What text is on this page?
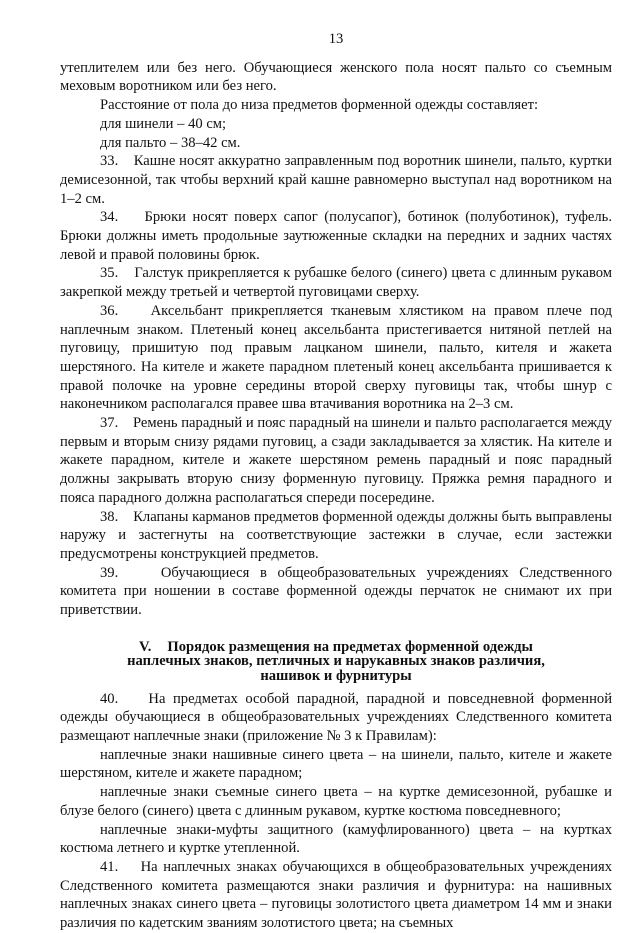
13

утеплителем или без него. Обучающиеся женского пола носят пальто со съемным меховым воротником или без него.

Расстояние от пола до низа предметов форменной одежды составляет:

для шинели – 40 см;

для пальто – 38–42 см.

33.    Кашне носят аккуратно заправленным под воротник шинели, пальто, куртки демисезонной, так чтобы верхний край кашне равномерно выступал над воротником на 1–2 см.

34.    Брюки носят поверх сапог (полусапог), ботинок (полуботинок), туфель. Брюки должны иметь продольные заутюженные складки на передних и задних частях левой и правой половины брюк.

35.    Галстук прикрепляется к рубашке белого (синего) цвета с длинным рукавом закрепкой между третьей и четвертой пуговицами сверху.

36.    Аксельбант прикрепляется тканевым хлястиком на правом плече под наплечным знаком. Плетеный конец аксельбанта пристегивается нитяной петлей на пуговицу, пришитую под правым лацканом шинели, пальто, кителя и жакета шерстяного. На кителе и жакете парадном плетеный конец аксельбанта пришивается к правой полочке на уровне середины второй сверху пуговицы так, чтобы шнур с наконечником располагался правее шва втачивания воротника на 2–3 см.

37.    Ремень парадный и пояс парадный на шинели и пальто располагается между первым и вторым снизу рядами пуговиц, а сзади закладывается за хлястик. На кителе и жакете парадном, кителе и жакете шерстяном ремень парадный и пояс парадный должны закрывать вторую снизу форменную пуговицу. Пряжка ремня парадного и пояса парадного должна располагаться спереди посередине.

38.    Клапаны карманов предметов форменной одежды должны быть выправлены наружу и застегнуты на соответствующие застежки в случае, если застежки предусмотрены конструкцией предметов.

39.    Обучающиеся в общеобразовательных учреждениях Следственного комитета при ношении в составе форменной одежды перчаток не снимают их при приветствии.

V. Порядок размещения на предметах форменной одежды
наплечных знаков, петличных и нарукавных знаков различия,
нашивок и фурнитуры

40.    На предметах особой парадной, парадной и повседневной форменной одежды обучающиеся в общеобразовательных учреждениях Следственного комитета размещают наплечные знаки (приложение № 3 к Правилам):

наплечные знаки нашивные синего цвета – на шинели, пальто, кителе и жакете шерстяном, кителе и жакете парадном;

наплечные знаки съемные синего цвета – на куртке демисезонной, рубашке и блузе белого (синего) цвета с длинным рукавом, куртке костюма повседневного;

наплечные знаки-муфты защитного (камуфлированного) цвета – на куртках костюма летнего и куртке утепленной.

41.    На наплечных знаках обучающихся в общеобразовательных учреждениях Следственного комитета размещаются знаки различия и фурнитура: на нашивных наплечных знаках синего цвета – пуговицы золотистого цвета диаметром 14 мм и знаки различия по кадетским званиям золотистого цвета; на съемных
